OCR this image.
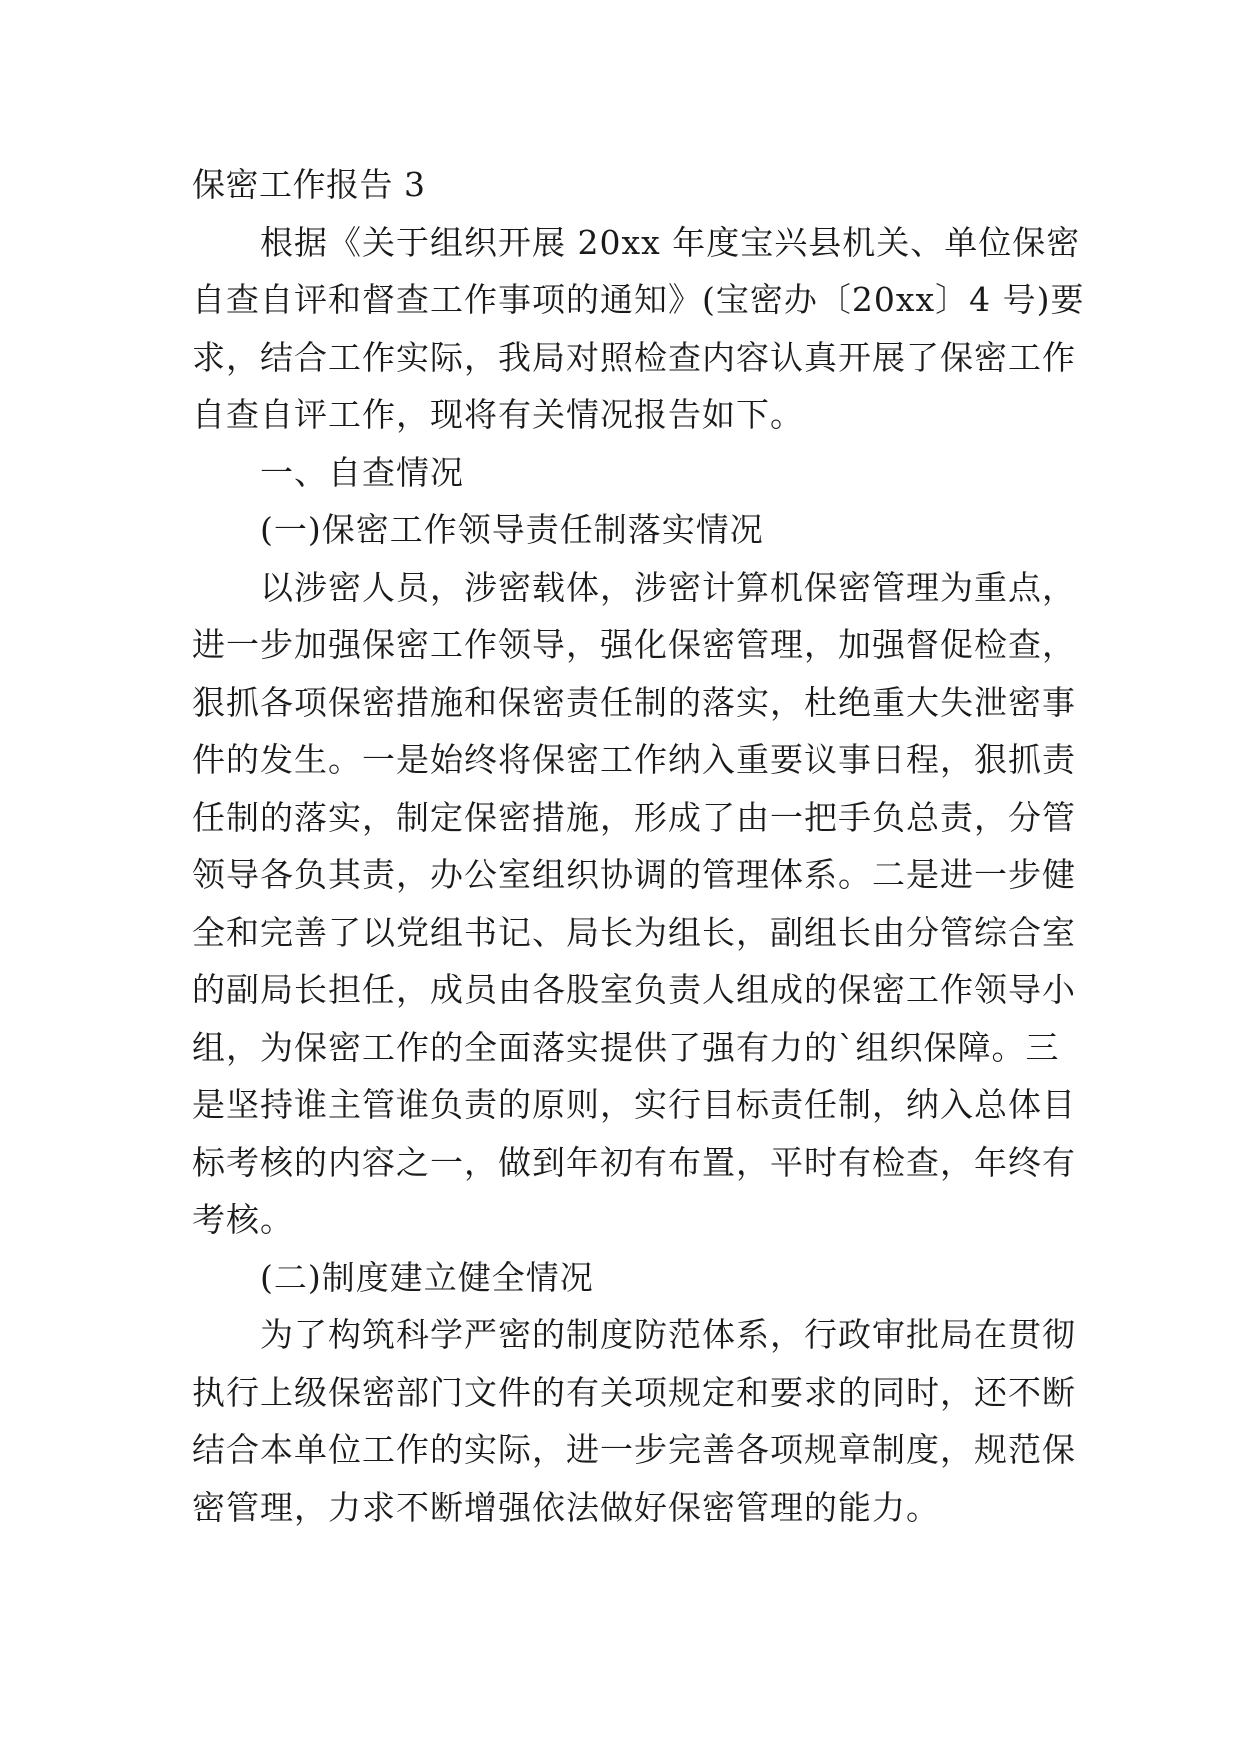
保密工作报告 3
　　根据《关于组织开展 20xx 年度宝兴县机关、单位保密
自查自评和督查工作事项的通知》(宝密办〔20xx〕4 号)要
求，结合工作实际，我局对照检查内容认真开展了保密工作
自查自评工作，现将有关情况报告如下。
　　一、自查情况
　　(一)保密工作领导责任制落实情况
　　以涉密人员，涉密载体，涉密计算机保密管理为重点，
进一步加强保密工作领导，强化保密管理，加强督促检查，
狠抓各项保密措施和保密责任制的落实，杜绝重大失泄密事
件的发生。一是始终将保密工作纳入重要议事日程，狠抓责
任制的落实，制定保密措施，形成了由一把手负总责，分管
领导各负其责，办公室组织协调的管理体系。二是进一步健
全和完善了以党组书记、局长为组长，副组长由分管综合室
的副局长担任，成员由各股室负责人组成的保密工作领导小
组，为保密工作的全面落实提供了强有力的`组织保障。三
是坚持谁主管谁负责的原则，实行目标责任制，纳入总体目
标考核的内容之一，做到年初有布置，平时有检查，年终有
考核。
　　(二)制度建立健全情况
　　为了构筑科学严密的制度防范体系，行政审批局在贯彻
执行上级保密部门文件的有关项规定和要求的同时，还不断
结合本单位工作的实际，进一步完善各项规章制度，规范保
密管理，力求不断增强依法做好保密管理的能力。
